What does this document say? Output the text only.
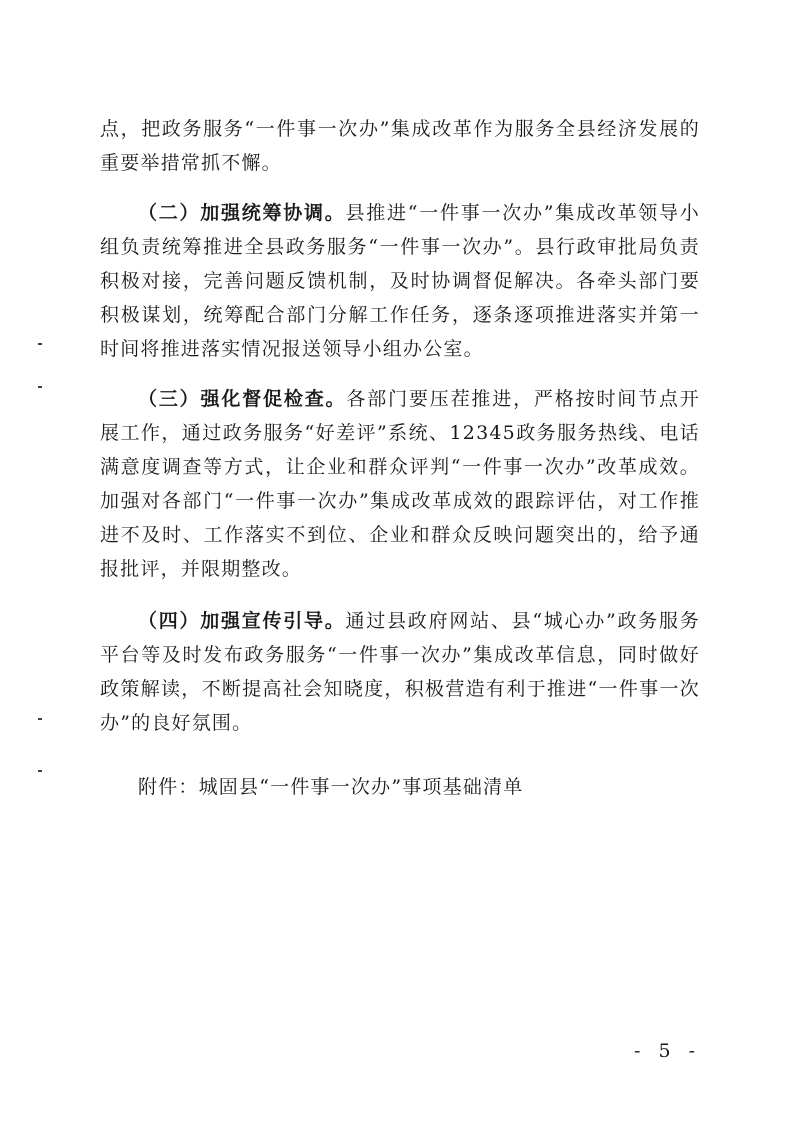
点，把政务服务“一件事一次办”集成改革作为服务全县经济发展的重要举措常抓不懈。

（二）加强统筹协调。县推进“一件事一次办”集成改革领导小组负责统筹推进全县政务服务“一件事一次办”。县行政审批局负责积极对接，完善问题反馈机制，及时协调督促解决。各牵头部门要积极谋划，统筹配合部门分解工作任务，逐条逐项推进落实并第一时间将推进落实情况报送领导小组办公室。

（三）强化督促检查。各部门要压茬推进，严格按时间节点开展工作，通过政务服务“好差评”系统、12345政务服务热线、电话满意度调查等方式，让企业和群众评判“一件事一次办”改革成效。加强对各部门“一件事一次办”集成改革成效的跟踪评估，对工作推进不及时、工作落实不到位、企业和群众反映问题突出的，给予通报批评，并限期整改。

（四）加强宣传引导。通过县政府网站、县“城心办”政务服务平台等及时发布政务服务“一件事一次办”集成改革信息，同时做好政策解读，不断提高社会知晓度，积极营造有利于推进“一件事一次办”的良好氛围。

附件：城固县“一件事一次办”事项基础清单

- 5 -
